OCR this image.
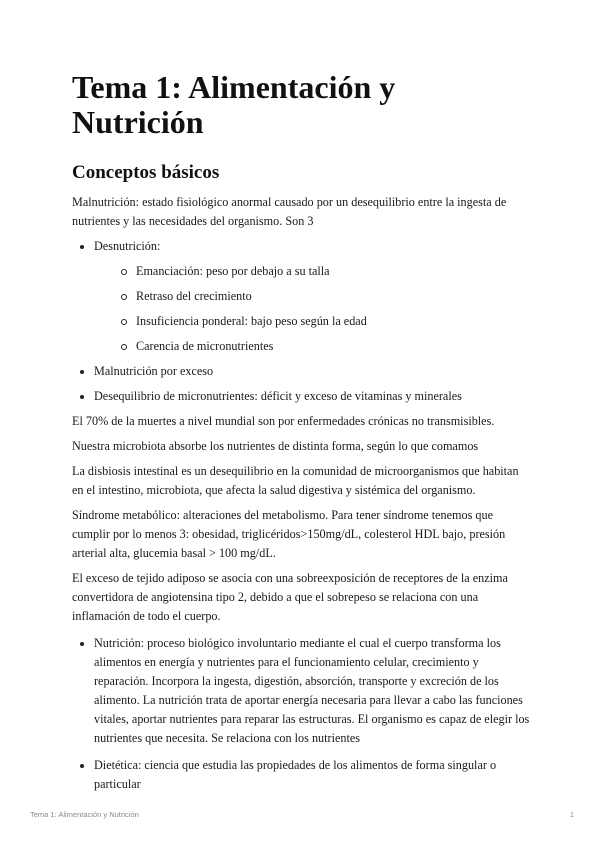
Tema 1: Alimentación y Nutrición
Conceptos básicos

Malnutrición: estado fisiológico anormal causado por un desequilibrio entre la ingesta de nutrientes y las necesidades del organismo. Son 3

Desnutrición:
Emanciación: peso por debajo a su talla
Retraso del crecimiento
Insuficiencia ponderal: bajo peso según la edad
Carencia de micronutrientes
Malnutrición por exceso
Desequilibrio de micronutrientes: déficit y exceso de vitaminas y minerales

El 70% de la muertes a nivel mundial son por enfermedades crónicas no transmisibles.

Nuestra microbiota absorbe los nutrientes de distinta forma, según lo que comamos

La disbiosis intestinal es un desequilibrio en la comunidad de microorganismos que habitan en el intestino, microbiota, que afecta la salud digestiva y sistémica del organismo.

Síndrome metabólico: alteraciones del metabolismo. Para tener síndrome tenemos que cumplir por lo menos 3: obesidad, triglicéridos>150mg/dL, colesterol HDL bajo, presión arterial alta, glucemia basal > 100 mg/dL.

El exceso de tejido adiposo se asocia con una sobreexposición de receptores de la enzima convertidora de angiotensina tipo 2, debido a que el sobrepeso se relaciona con una inflamación de todo el cuerpo.

Nutrición: proceso biológico involuntario mediante el cual el cuerpo transforma los alimentos en energía y nutrientes para el funcionamiento celular, crecimiento y reparación. Incorpora la ingesta, digestión, absorción, transporte y excreción de los alimento. La nutrición trata de aportar energía necesaria para llevar a cabo las funciones vitales, aportar nutrientes para reparar las estructuras. El organismo es capaz de elegir los nutrientes que necesita. Se relaciona con los nutrientes
Dietética: ciencia que estudia las propiedades de los alimentos de forma singular o particular
Tema 1: Alimentación y Nutrición	1
